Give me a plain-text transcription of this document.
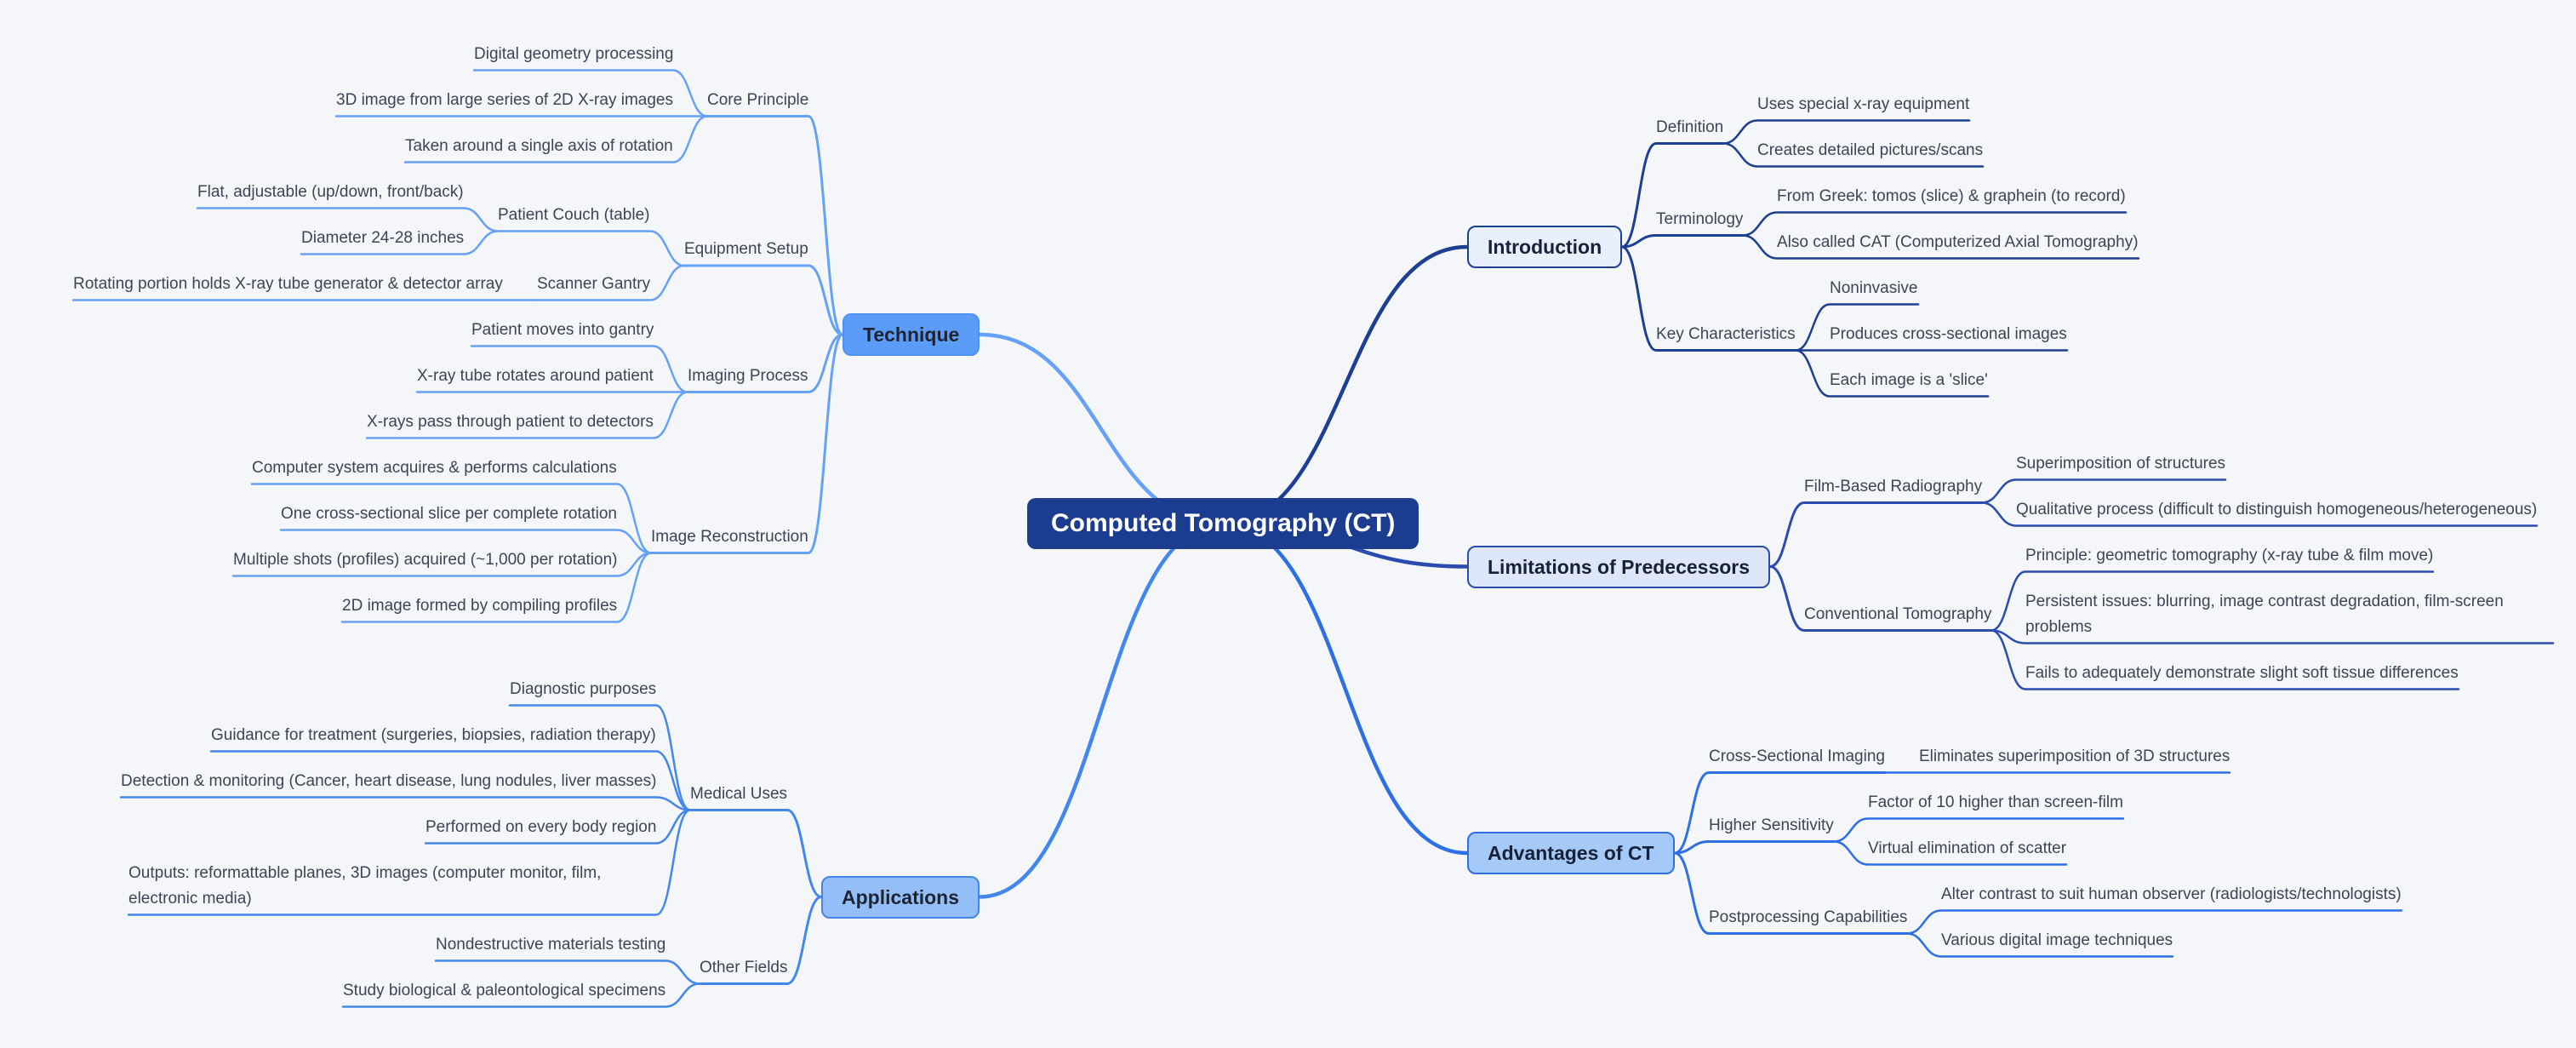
Computed Tomography (CT)
Technique
Core Principle
Digital geometry processing
3D image from large series of 2D X-ray images
Taken around a single axis of rotation
Equipment Setup
Patient Couch (table)
Flat, adjustable (up/down, front/back)
Diameter 24-28 inches
Scanner Gantry
Rotating portion holds X-ray tube generator & detector array
Imaging Process
Patient moves into gantry
X-ray tube rotates around patient
X-rays pass through patient to detectors
Image Reconstruction
Computer system acquires & performs calculations
One cross-sectional slice per complete rotation
Multiple shots (profiles) acquired (~1,000 per rotation)
2D image formed by compiling profiles
Applications
Medical Uses
Diagnostic purposes
Guidance for treatment (surgeries, biopsies, radiation therapy)
Detection & monitoring (Cancer, heart disease, lung nodules, liver masses)
Performed on every body region
Outputs: reformattable planes, 3D images (computer monitor, film, electronic media)
Other Fields
Nondestructive materials testing
Study biological & paleontological specimens
Introduction
Definition
Uses special x-ray equipment
Creates detailed pictures/scans
Terminology
From Greek: tomos (slice) & graphein (to record)
Also called CAT (Computerized Axial Tomography)
Key Characteristics
Noninvasive
Produces cross-sectional images
Each image is a 'slice'
Limitations of Predecessors
Film-Based Radiography
Superimposition of structures
Qualitative process (difficult to distinguish homogeneous/heterogeneous)
Conventional Tomography
Principle: geometric tomography (x-ray tube & film move)
Persistent issues: blurring, image contrast degradation, film-screen problems
Fails to adequately demonstrate slight soft tissue differences
Advantages of CT
Cross-Sectional Imaging Eliminates superimposition of 3D structures
Higher Sensitivity
Factor of 10 higher than screen-film
Virtual elimination of scatter
Postprocessing Capabilities
Alter contrast to suit human observer (radiologists/technologists)
Various digital image techniques
